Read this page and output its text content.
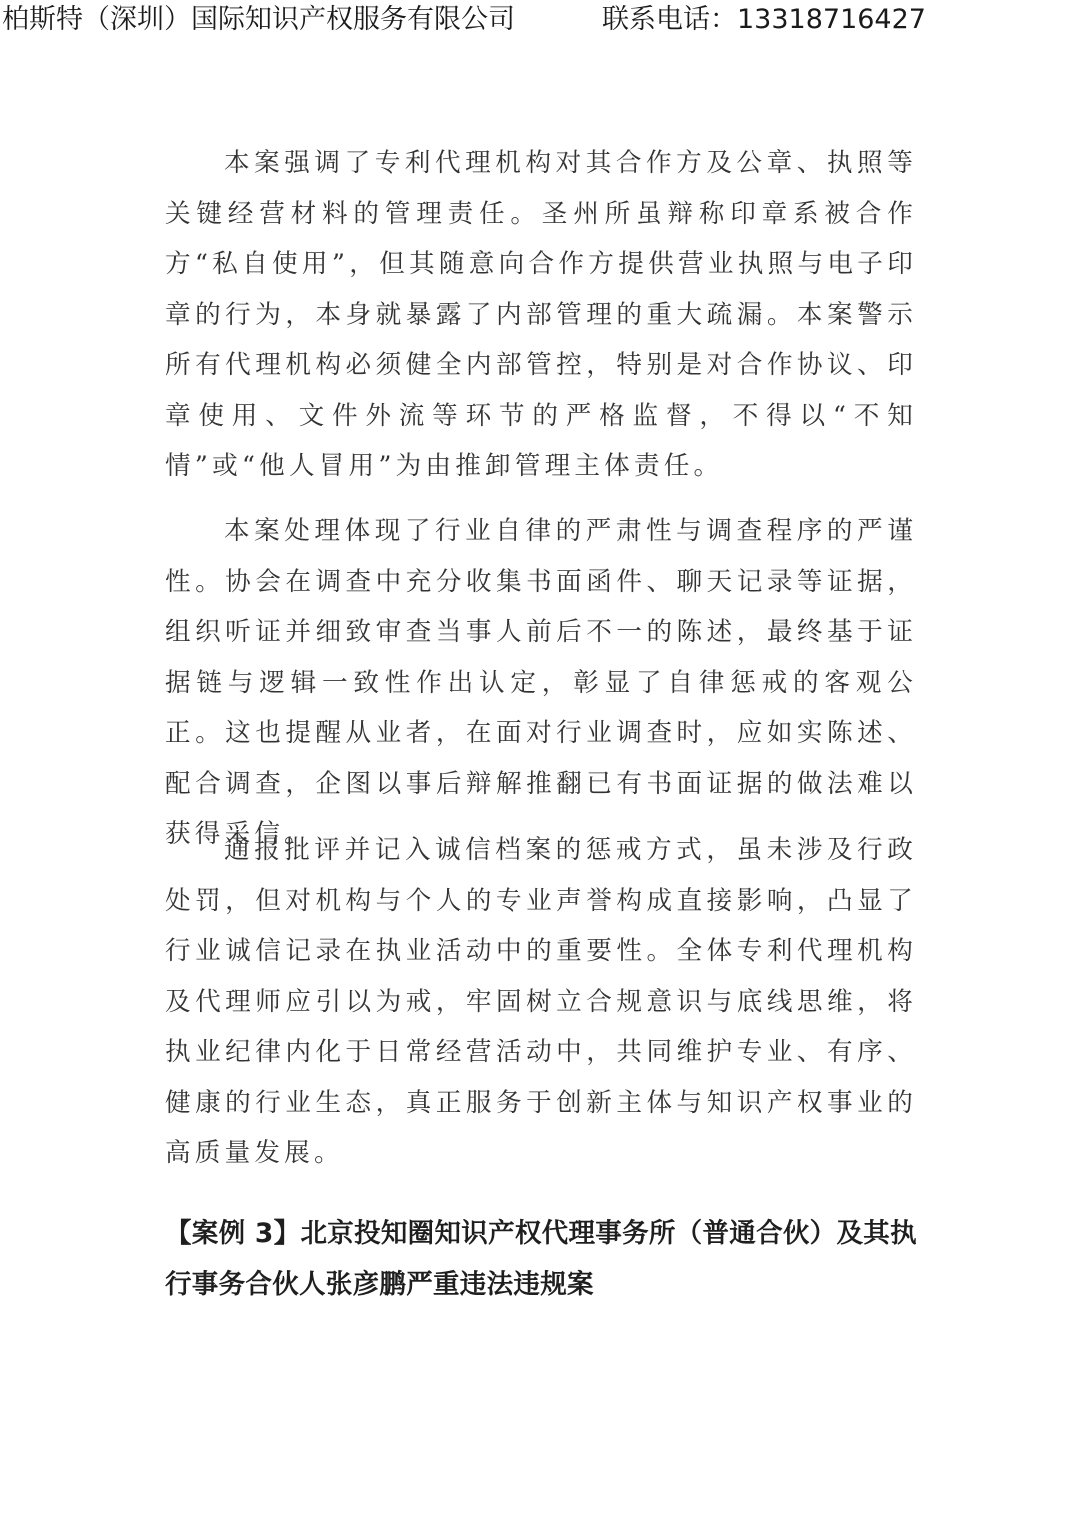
柏斯特（深圳）国际知识产权服务有限公司	联系电话：13318716427

本案强调了专利代理机构对其合作方及公章、执照等关键经营材料的管理责任。圣州所虽辩称印章系被合作方“私自使用”，但其随意向合作方提供营业执照与电子印章的行为，本身就暴露了内部管理的重大疏漏。本案警示所有代理机构必须健全内部管控，特别是对合作协议、印章使用、文件外流等环节的严格监督，不得以“不知情”或“他人冒用”为由推卸管理主体责任。

本案处理体现了行业自律的严肃性与调查程序的严谨性。协会在调查中充分收集书面函件、聊天记录等证据，组织听证并细致审查当事人前后不一的陈述，最终基于证据链与逻辑一致性作出认定，彰显了自律惩戒的客观公正。这也提醒从业者，在面对行业调查时，应如实陈述、配合调查，企图以事后辩解推翻已有书面证据的做法难以获得采信。

通报批评并记入诚信档案的惩戒方式，虽未涉及行政处罚，但对机构与个人的专业声誉构成直接影响，凸显了行业诚信记录在执业活动中的重要性。全体专利代理机构及代理师应引以为戒，牢固树立合规意识与底线思维，将执业纪律内化于日常经营活动中，共同维护专业、有序、健康的行业生态，真正服务于创新主体与知识产权事业的高质量发展。

【案例 3】北京投知圈知识产权代理事务所（普通合伙）及其执行事务合伙人张彦鹏严重违法违规案
